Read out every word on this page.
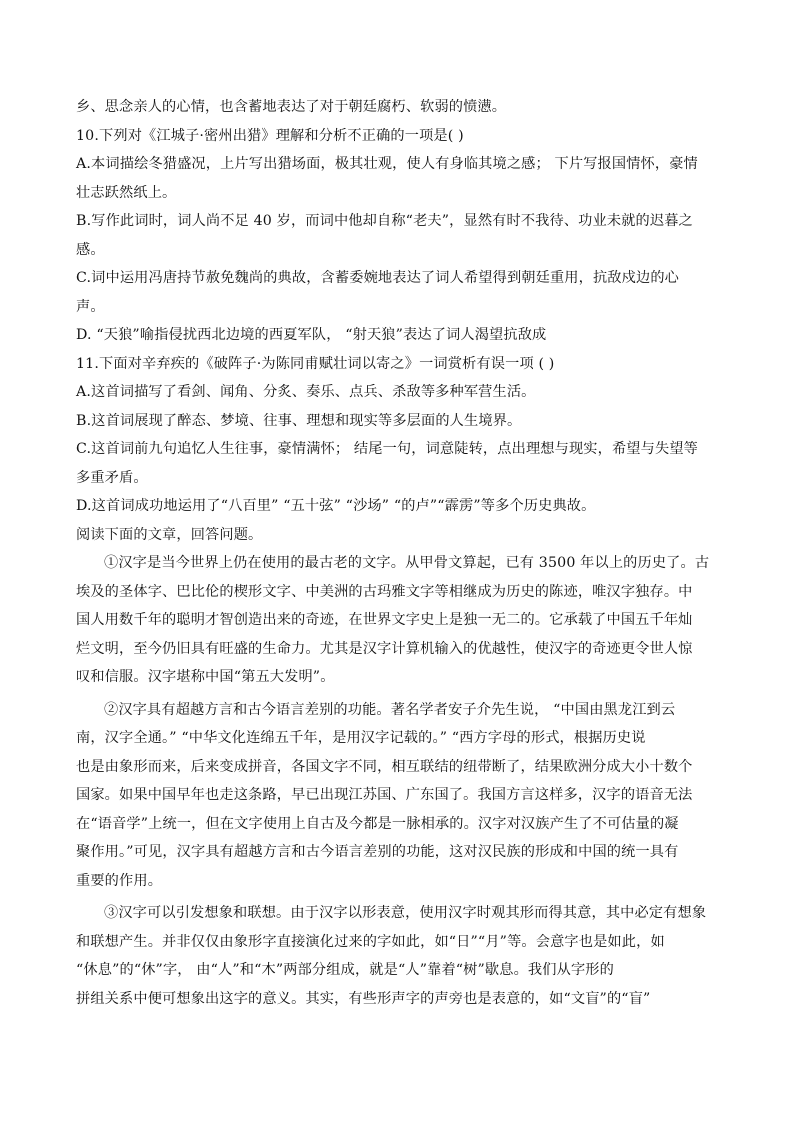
乡、思念亲人的心情，也含蓄地表达了对于朝廷腐朽、软弱的愤懑。
10.下列对《江城子·密州出猎》理解和分析不正确的一项是( )
A.本词描绘冬猎盛况，上片写出猎场面，极其壮观，使人有身临其境之感； 下片写报国情怀，豪情
壮志跃然纸上。
B.写作此词时，词人尚不足 40 岁，而词中他却自称“老夫”，显然有时不我待、功业未就的迟暮之
感。
C.词中运用冯唐持节赦免魏尚的典故，含蓄委婉地表达了词人希望得到朝廷重用，抗敌戍边的心
声。
D. “天狼”喻指侵扰西北边境的西夏军队， “射天狼”表达了词人渴望抗敌成
11.下面对辛弃疾的《破阵子·为陈同甫赋壮词以寄之》一词赏析有误一项 ( )
A.这首词描写了看剑、闻角、分炙、奏乐、点兵、杀敌等多种军营生活。
B.这首词展现了醉态、梦境、往事、理想和现实等多层面的人生境界。
C.这首词前九句追忆人生往事，豪情满怀； 结尾一句，词意陡转，点出理想与现实，希望与失望等
多重矛盾。
D.这首词成功地运用了“八百里” “五十弦” “沙场” “的卢”“霹雳”等多个历史典故。
阅读下面的文章，回答问题。
①汉字是当今世界上仍在使用的最古老的文字。从甲骨文算起，已有 3500 年以上的历史了。古
埃及的圣体字、巴比伦的楔形文字、中美洲的古玛雅文字等相继成为历史的陈迹，唯汉字独存。中
国人用数千年的聪明才智创造出来的奇迹，在世界文字史上是独一无二的。它承载了中国五千年灿
烂文明，至今仍旧具有旺盛的生命力。尤其是汉字计算机输入的优越性，使汉字的奇迹更令世人惊
叹和信服。汉字堪称中国“第五大发明”。
②汉字具有超越方言和古今语言差别的功能。著名学者安子介先生说， “中国由黑龙江到云
南，汉字全通。” “中华文化连绵五千年，是用汉字记载的。” “西方字母的形式，根据历史说
也是由象形而来，后来变成拼音，各国文字不同，相互联结的纽带断了，结果欧洲分成大小十数个
国家。如果中国早年也走这条路，早已出现江苏国、广东国了。我国方言这样多，汉字的语音无法
在“语音学”上统一，但在文字使用上自古及今都是一脉相承的。汉字对汉族产生了不可估量的凝
聚作用。”可见，汉字具有超越方言和古今语言差别的功能，这对汉民族的形成和中国的统一具有
重要的作用。
③汉字可以引发想象和联想。由于汉字以形表意，使用汉字时观其形而得其意，其中必定有想象
和联想产生。并非仅仅由象形字直接演化过来的字如此，如“日”“月”等。会意字也是如此，如
“休息”的“休”字， 由“人”和“木”两部分组成，就是“人”靠着“树”歇息。我们从字形的
拼组关系中便可想象出这字的意义。其实，有些形声字的声旁也是表意的，如“文盲”的“盲”
